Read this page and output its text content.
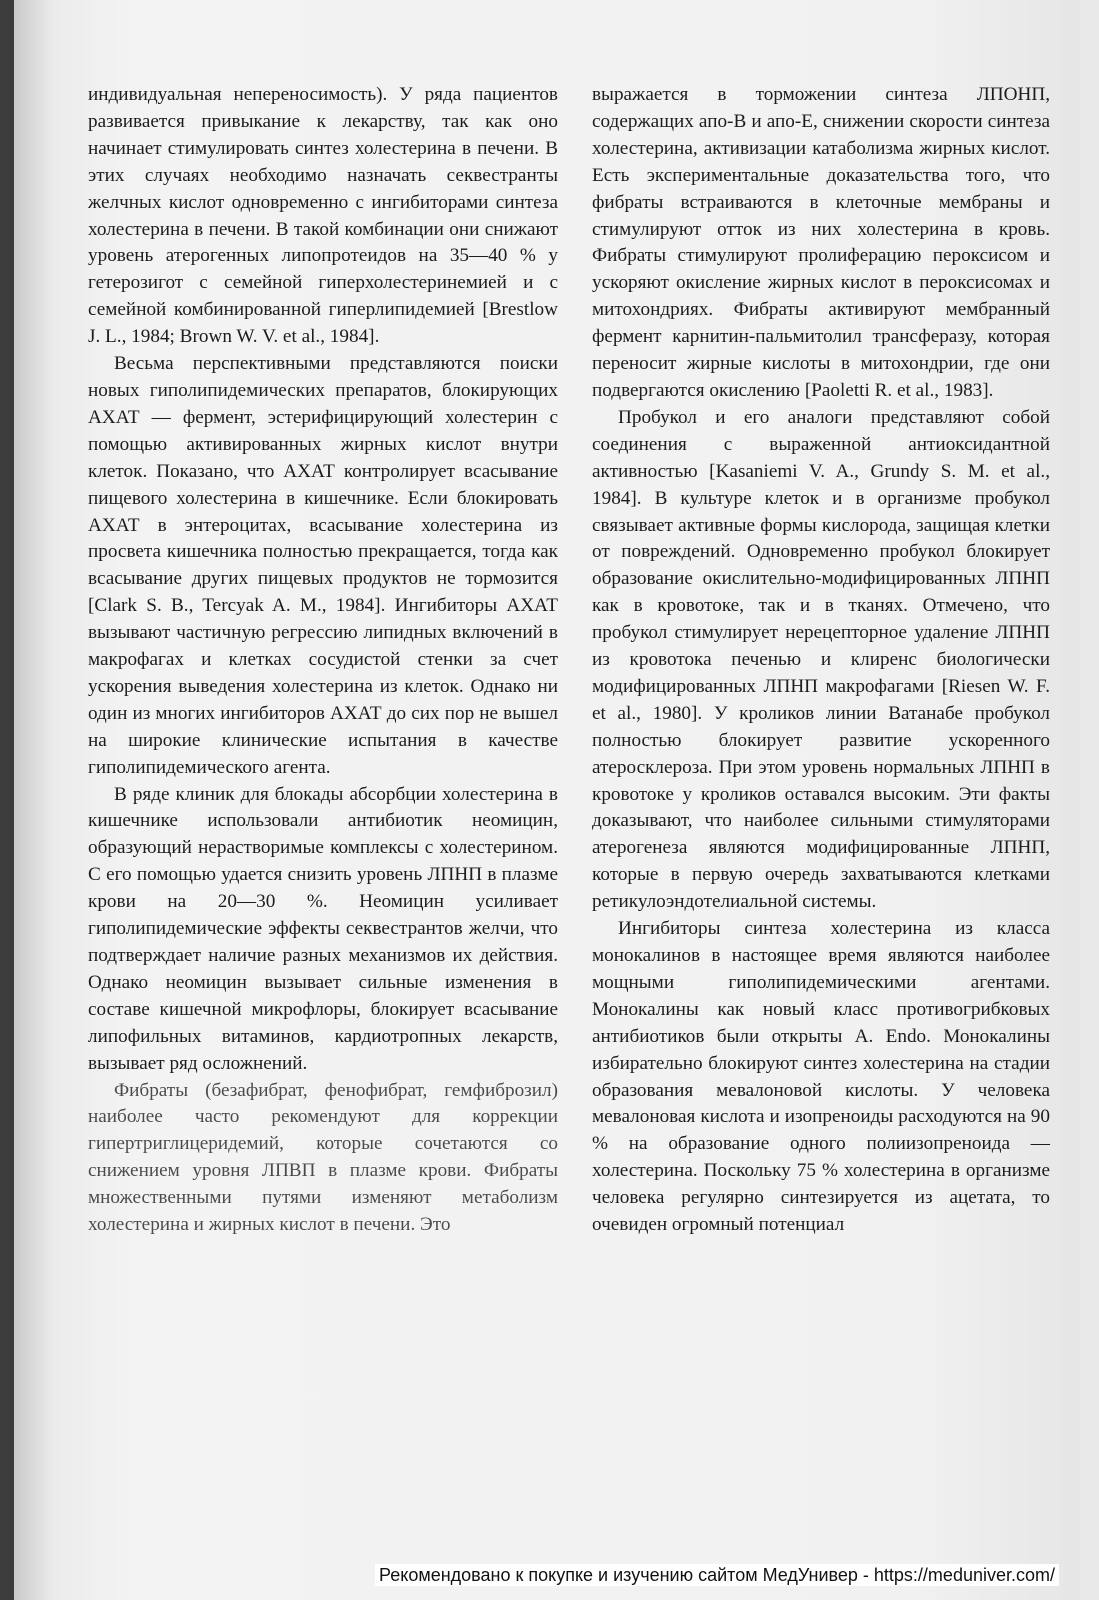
индивидуальная непереносимость). У ряда пациентов развивается привыкание к лекарству, так как оно начинает стимулировать синтез холестерина в печени. В этих случаях необходимо назначать секвестранты желчных кислот одновременно с ингибиторами синтеза холестерина в печени. В такой комбинации они снижают уровень атерогенных липопротеидов на 35—40 % у гетерозигот с семейной гиперхолестеринемией и с семейной комбинированной гиперлипидемией [Brestlow J. L., 1984; Brown W. V. et al., 1984].

Весьма перспективными представляются поиски новых гиполипидемических препаратов, блокирующих АХАТ — фермент, эстерифицирующий холестерин с помощью активированных жирных кислот внутри клеток. Показано, что АХАТ контролирует всасывание пищевого холестерина в кишечнике. Если блокировать АХАТ в энтероцитах, всасывание холестерина из просвета кишечника полностью прекращается, тогда как всасывание других пищевых продуктов не тормозится [Clark S. B., Tercyak A. M., 1984]. Ингибиторы АХАТ вызывают частичную регрессию липидных включений в макрофагах и клетках сосудистой стенки за счет ускорения выведения холестерина из клеток. Однако ни один из многих ингибиторов АХАТ до сих пор не вышел на широкие клинические испытания в качестве гиполипидемического агента.

В ряде клиник для блокады абсорбции холестерина в кишечнике использовали антибиотик неомицин, образующий нерастворимые комплексы с холестерином. С его помощью удается снизить уровень ЛПНП в плазме крови на 20—30 %. Неомицин усиливает гиполипидемические эффекты секвестрантов желчи, что подтверждает наличие разных механизмов их действия. Однако неомицин вызывает сильные изменения в составе кишечной микрофлоры, блокирует всасывание липофильных витаминов, кардиотропных лекарств, вызывает ряд осложнений.

Фибраты (безафибрат, фенофибрат, гемфиброзил) наиболее часто рекомендуют для коррекции гипертриглицеридемий, которые сочетаются со снижением уровня ЛПВП в плазме крови. Фибраты множественными путями изменяют метаболизм холестерина и жирных кислот в печени. Это

выражается в торможении синтеза ЛПОНП, содержащих апо-В и апо-Е, снижении скорости синтеза холестерина, активизации катаболизма жирных кислот. Есть экспериментальные доказательства того, что фибраты встраиваются в клеточные мембраны и стимулируют отток из них холестерина в кровь. Фибраты стимулируют пролиферацию пероксисом и ускоряют окисление жирных кислот в пероксисомах и митохондриях. Фибраты активируют мембранный фермент карнитин-пальмитолил трансферазу, которая переносит жирные кислоты в митохондрии, где они подвергаются окислению [Paoletti R. et al., 1983].

Пробукол и его аналоги представляют собой соединения с выраженной антиоксидантной активностью [Kasaniemi V. A., Grundy S. M. et al., 1984]. В культуре клеток и в организме пробукол связывает активные формы кислорода, защищая клетки от повреждений. Одновременно пробукол блокирует образование окислительно-модифицированных ЛПНП как в кровотоке, так и в тканях. Отмечено, что пробукол стимулирует нерецепторное удаление ЛПНП из кровотока печенью и клиренс биологически модифицированных ЛПНП макрофагами [Riesen W. F. et al., 1980]. У кроликов линии Ватанабе пробукол полностью блокирует развитие ускоренного атеросклероза. При этом уровень нормальных ЛПНП в кровотоке у кроликов оставался высоким. Эти факты доказывают, что наиболее сильными стимуляторами атерогенеза являются модифицированные ЛПНП, которые в первую очередь захватываются клетками ретикулоэндотелиальной системы.

Ингибиторы синтеза холестерина из класса монокалинов в настоящее время являются наиболее мощными гиполипидемическими агентами. Монокалины как новый класс противогрибковых антибиотиков были открыты А. Endo. Монокалины избирательно блокируют синтез холестерина на стадии образования мевалоновой кислоты. У человека мевалоновая кислота и изопреноиды расходуются на 90 % на образование одного полиизопреноида — холестерина. Поскольку 75 % холестерина в организме человека регулярно синтезируется из ацетата, то очевиден огромный потенциал

Рекомендовано к покупке и изучению сайтом МедУнивер - https://meduniver.com/
